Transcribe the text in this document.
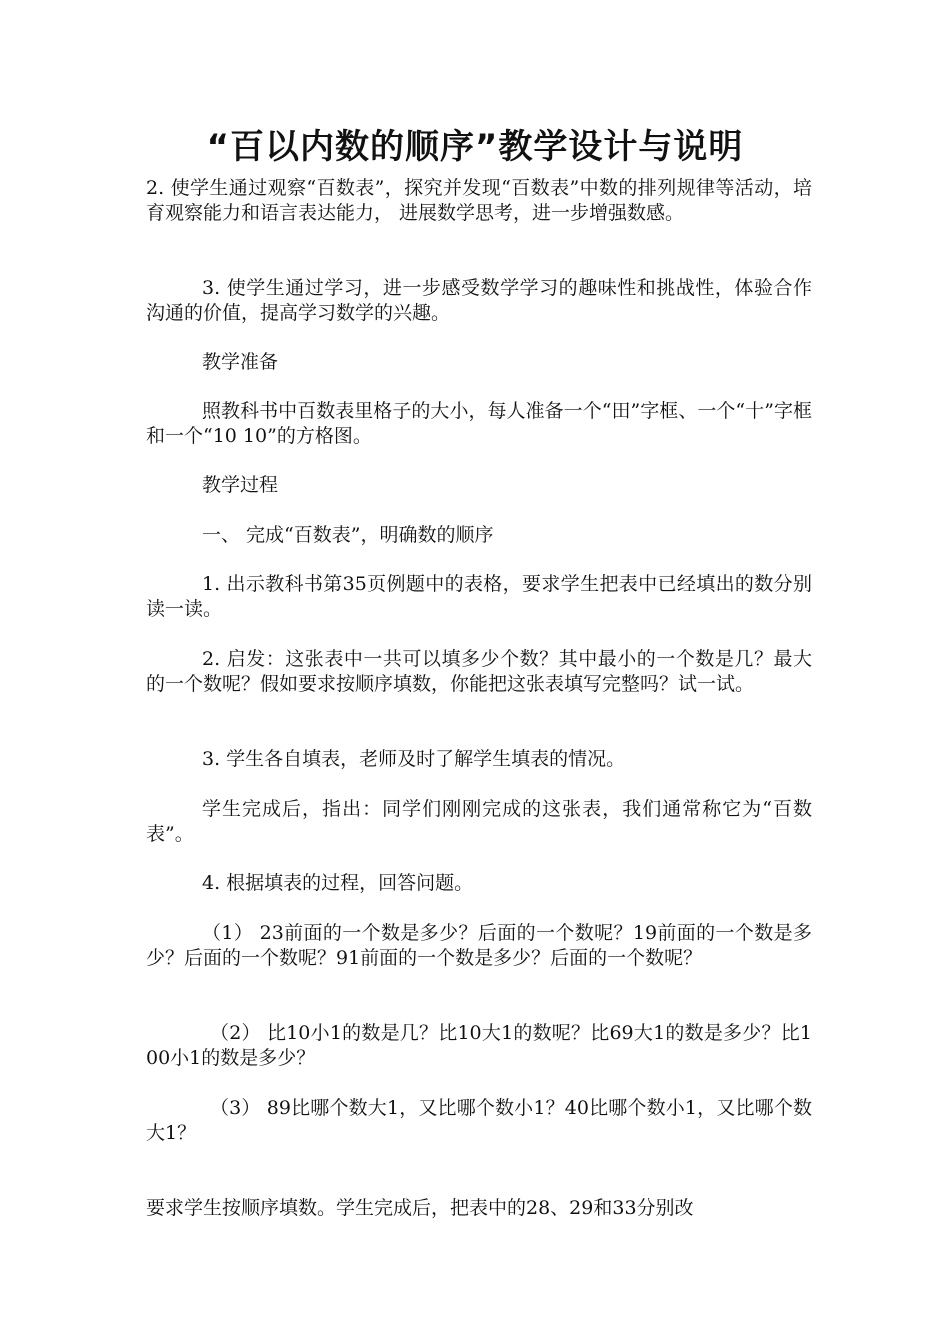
“百以内数的顺序”教学设计与说明

2. 使学生通过观察“百数表”，探究并发现“百数表”中数的排列规律等活动，培育观察能力和语言表达能力， 进展数学思考，进一步增强数感。

3. 使学生通过学习，进一步感受数学学习的趣味性和挑战性，体验合作沟通的价值，提高学习数学的兴趣。

教学准备

照教科书中百数表里格子的大小，每人准备一个“田”字框、一个“十”字框和一个“10 10”的方格图。

教学过程

一、 完成“百数表”，明确数的顺序

1. 出示教科书第35页例题中的表格，要求学生把表中已经填出的数分别读一读。

2. 启发：这张表中一共可以填多少个数？其中最小的一个数是几？最大的一个数呢？假如要求按顺序填数，你能把这张表填写完整吗？试一试。

3. 学生各自填表，老师及时了解学生填表的情况。

学生完成后，指出：同学们刚刚完成的这张表，我们通常称它为“百数表”。

4. 根据填表的过程，回答问题。

（1） 23前面的一个数是多少？后面的一个数呢？19前面的一个数是多少？后面的一个数呢？91前面的一个数是多少？后面的一个数呢？

（2） 比10小1的数是几？比10大1的数呢？比69大1的数是多少？比100小1的数是多少？

（3） 89比哪个数大1，又比哪个数小1？40比哪个数小1，又比哪个数大1？

要求学生按顺序填数。学生完成后，把表中的28、29和33分别改
